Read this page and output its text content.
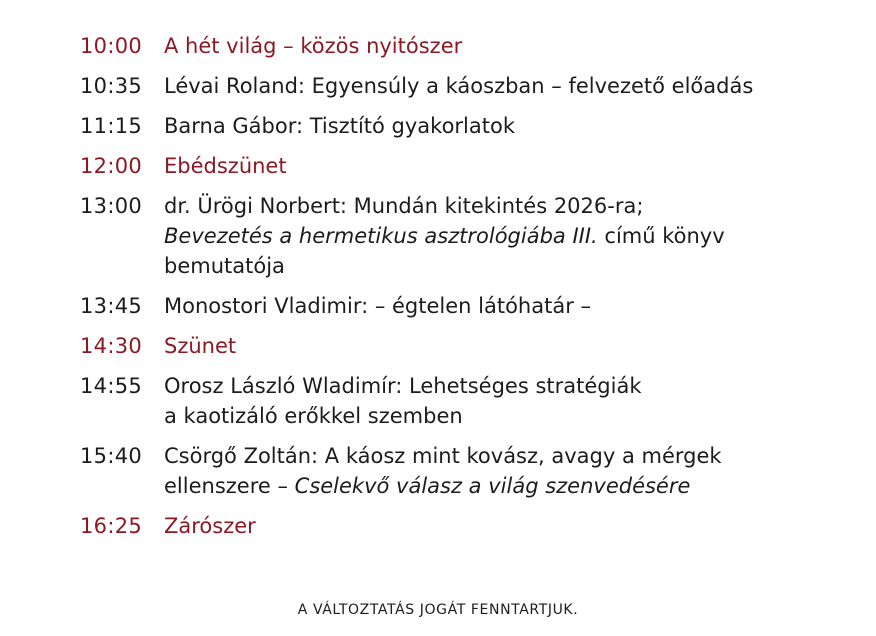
10:00	A hét világ – közös nyitószer
10:35	Lévai Roland: Egyensúly a káoszban – felvezető előadás
11:15	Barna Gábor: Tisztító gyakorlatok
12:00	Ebédszünet
13:00	dr. Ürögi Norbert: Mundán kitekintés 2026-ra;
Bevezetés a hermetikus asztrológiába III. című könyv
bemutatója
13:45	Monostori Vladimir: – égtelen látóhatár –
14:30	Szünet
14:55	Orosz László Wladimír: Lehetséges stratégiák
a kaotizáló erőkkel szemben
15:40	Csörgő Zoltán: A káosz mint kovász, avagy a mérgek
ellenszere – Cselekvő válasz a világ szenvedésére
16:25	Zárószer
A VÁLTOZTATÁS JOGÁT FENNTARTJUK.
